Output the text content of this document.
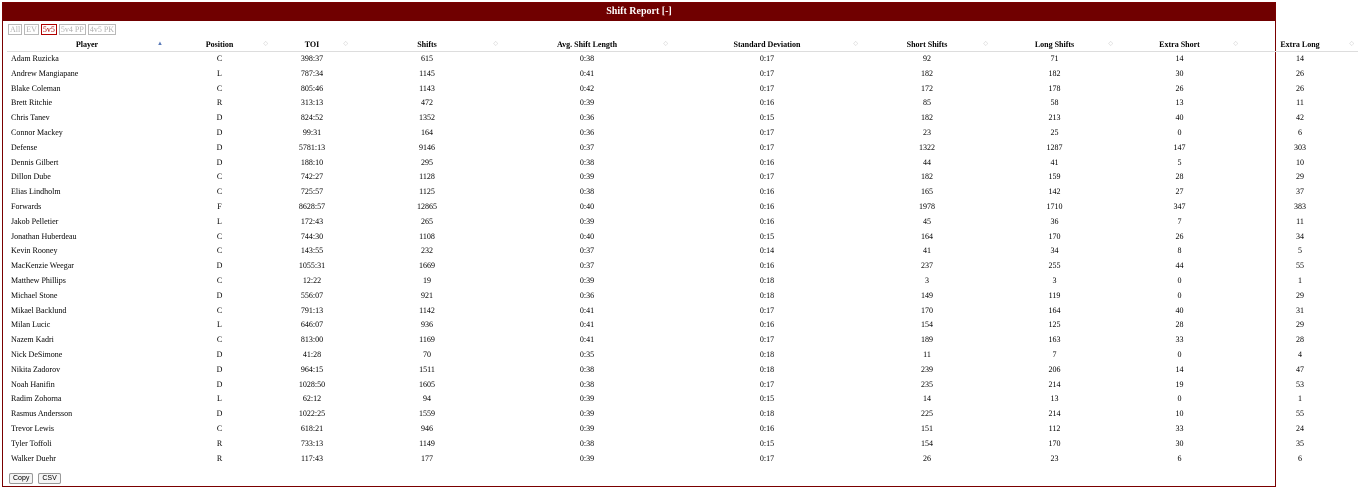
Shift Report [-]
All EV 5v5 5v4 PP 4v5 PK
Player ▲	Position ◇	TOI ◇	Shifts ◇	Avg. Shift Length ◇	Standard Deviation ◇	Short Shifts ◇	Long Shifts ◇	Extra Short ◇	Extra Long ◇

Adam Ruzicka	C	398:37	615	0:38	0:17	92	71	14	14
Andrew Mangiapane	L	787:34	1145	0:41	0:17	182	182	30	26
Blake Coleman	C	805:46	1143	0:42	0:17	172	178	26	26
Brett Ritchie	R	313:13	472	0:39	0:16	85	58	13	11
Chris Tanev	D	824:52	1352	0:36	0:15	182	213	40	42
Connor Mackey	D	99:31	164	0:36	0:17	23	25	0	6
Defense	D	5781:13	9146	0:37	0:17	1322	1287	147	303
Dennis Gilbert	D	188:10	295	0:38	0:16	44	41	5	10
Dillon Dube	C	742:27	1128	0:39	0:17	182	159	28	29
Elias Lindholm	C	725:57	1125	0:38	0:16	165	142	27	37
Forwards	F	8628:57	12865	0:40	0:16	1978	1710	347	383
Jakob Pelletier	L	172:43	265	0:39	0:16	45	36	7	11
Jonathan Huberdeau	C	744:30	1108	0:40	0:15	164	170	26	34
Kevin Rooney	C	143:55	232	0:37	0:14	41	34	8	5
MacKenzie Weegar	D	1055:31	1669	0:37	0:16	237	255	44	55
Matthew Phillips	C	12:22	19	0:39	0:18	3	3	0	1
Michael Stone	D	556:07	921	0:36	0:18	149	119	0	29
Mikael Backlund	C	791:13	1142	0:41	0:17	170	164	40	31
Milan Lucic	L	646:07	936	0:41	0:16	154	125	28	29
Nazem Kadri	C	813:00	1169	0:41	0:17	189	163	33	28
Nick DeSimone	D	41:28	70	0:35	0:18	11	7	0	4
Nikita Zadorov	D	964:15	1511	0:38	0:18	239	206	14	47
Noah Hanifin	D	1028:50	1605	0:38	0:17	235	214	19	53
Radim Zohorna	L	62:12	94	0:39	0:15	14	13	0	1
Rasmus Andersson	D	1022:25	1559	0:39	0:18	225	214	10	55
Trevor Lewis	C	618:21	946	0:39	0:16	151	112	33	24
Tyler Toffoli	R	733:13	1149	0:38	0:15	154	170	30	35
Walker Duehr	R	117:43	177	0:39	0:17	26	23	6	6
Copy CSV
